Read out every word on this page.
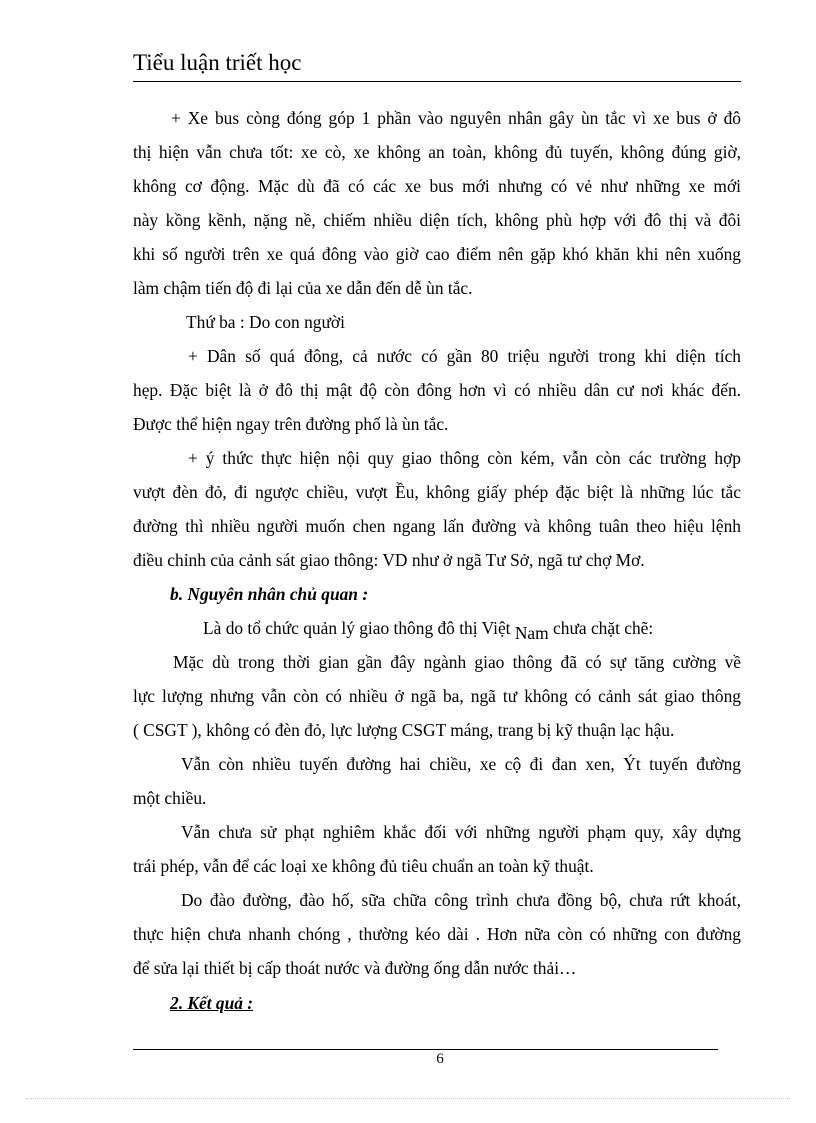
Tiểu luận triết học
+ Xe bus còng đóng góp 1 phần vào nguyên nhân gây ùn tắc vì xe bus ở đô
thị hiện vẫn chưa tốt: xe cò, xe không an toàn, không đủ tuyến, không đúng giờ,
không cơ động. Mặc dù đã có các xe bus mới nhưng có vẻ như những xe mới
này kồng kềnh, nặng nề, chiếm nhiều diện tích, không phù hợp với đô thị và đôi
khi số người trên xe quá đông vào giờ cao điểm nên gặp khó khăn khi nên xuống
làm chậm tiến độ đi lại của xe dẫn đến dễ ùn tắc.
Thứ ba : Do con người
+ Dân số quá đông, cả nước có gần 80 triệu người trong khi diện tích
hẹp. Đặc biệt là ở đô thị mật độ còn đông hơn vì có nhiều dân cư nơi khác đến.
Được thể hiện ngay trên đường phố là ùn tắc.
+ ý thức thực hiện nội quy giao thông còn kém, vẫn còn các trường hợp
vượt đèn đỏ, đi ngược chiều, vượt Ều, không giấy phép đặc biệt là những lúc tắc
đường thì nhiều người muốn chen ngang lấn đường và không tuân theo hiệu lệnh
điều chỉnh của cảnh sát giao thông: VD như ở ngã Tư Sở, ngã tư chợ Mơ.
b. Nguyên nhân chủ quan :
Là do tổ chức quản lý giao thông đô thị Việt Nam chưa chặt chẽ:
Mặc dù trong thời gian gần đây ngành giao thông đã có sự tăng cường về
lực lượng nhưng vẫn còn có nhiều ở ngã ba, ngã tư không có cảnh sát giao thông
( CSGT ), không có đèn đỏ, lực lượng CSGT máng, trang bị kỹ thuận lạc hậu.
Vẫn còn nhiều tuyến đường hai chiều, xe cộ đi đan xen, Ýt tuyến đường
một chiều.
Vẫn chưa sử phạt nghiêm khắc đối với những người phạm quy, xây dựng
trái phép, vẫn để các loại xe không đủ tiêu chuẩn an toàn kỹ thuật.
Do đào đường, đào hố, sữa chữa công trình chưa đồng bộ, chưa rứt khoát,
thực hiện chưa nhanh chóng , thường kéo dài . Hơn nữa còn có những con đường
để sửa lại thiết bị cấp thoát nước và đường ống dẫn nước thải…
2. Kết quả :
6
